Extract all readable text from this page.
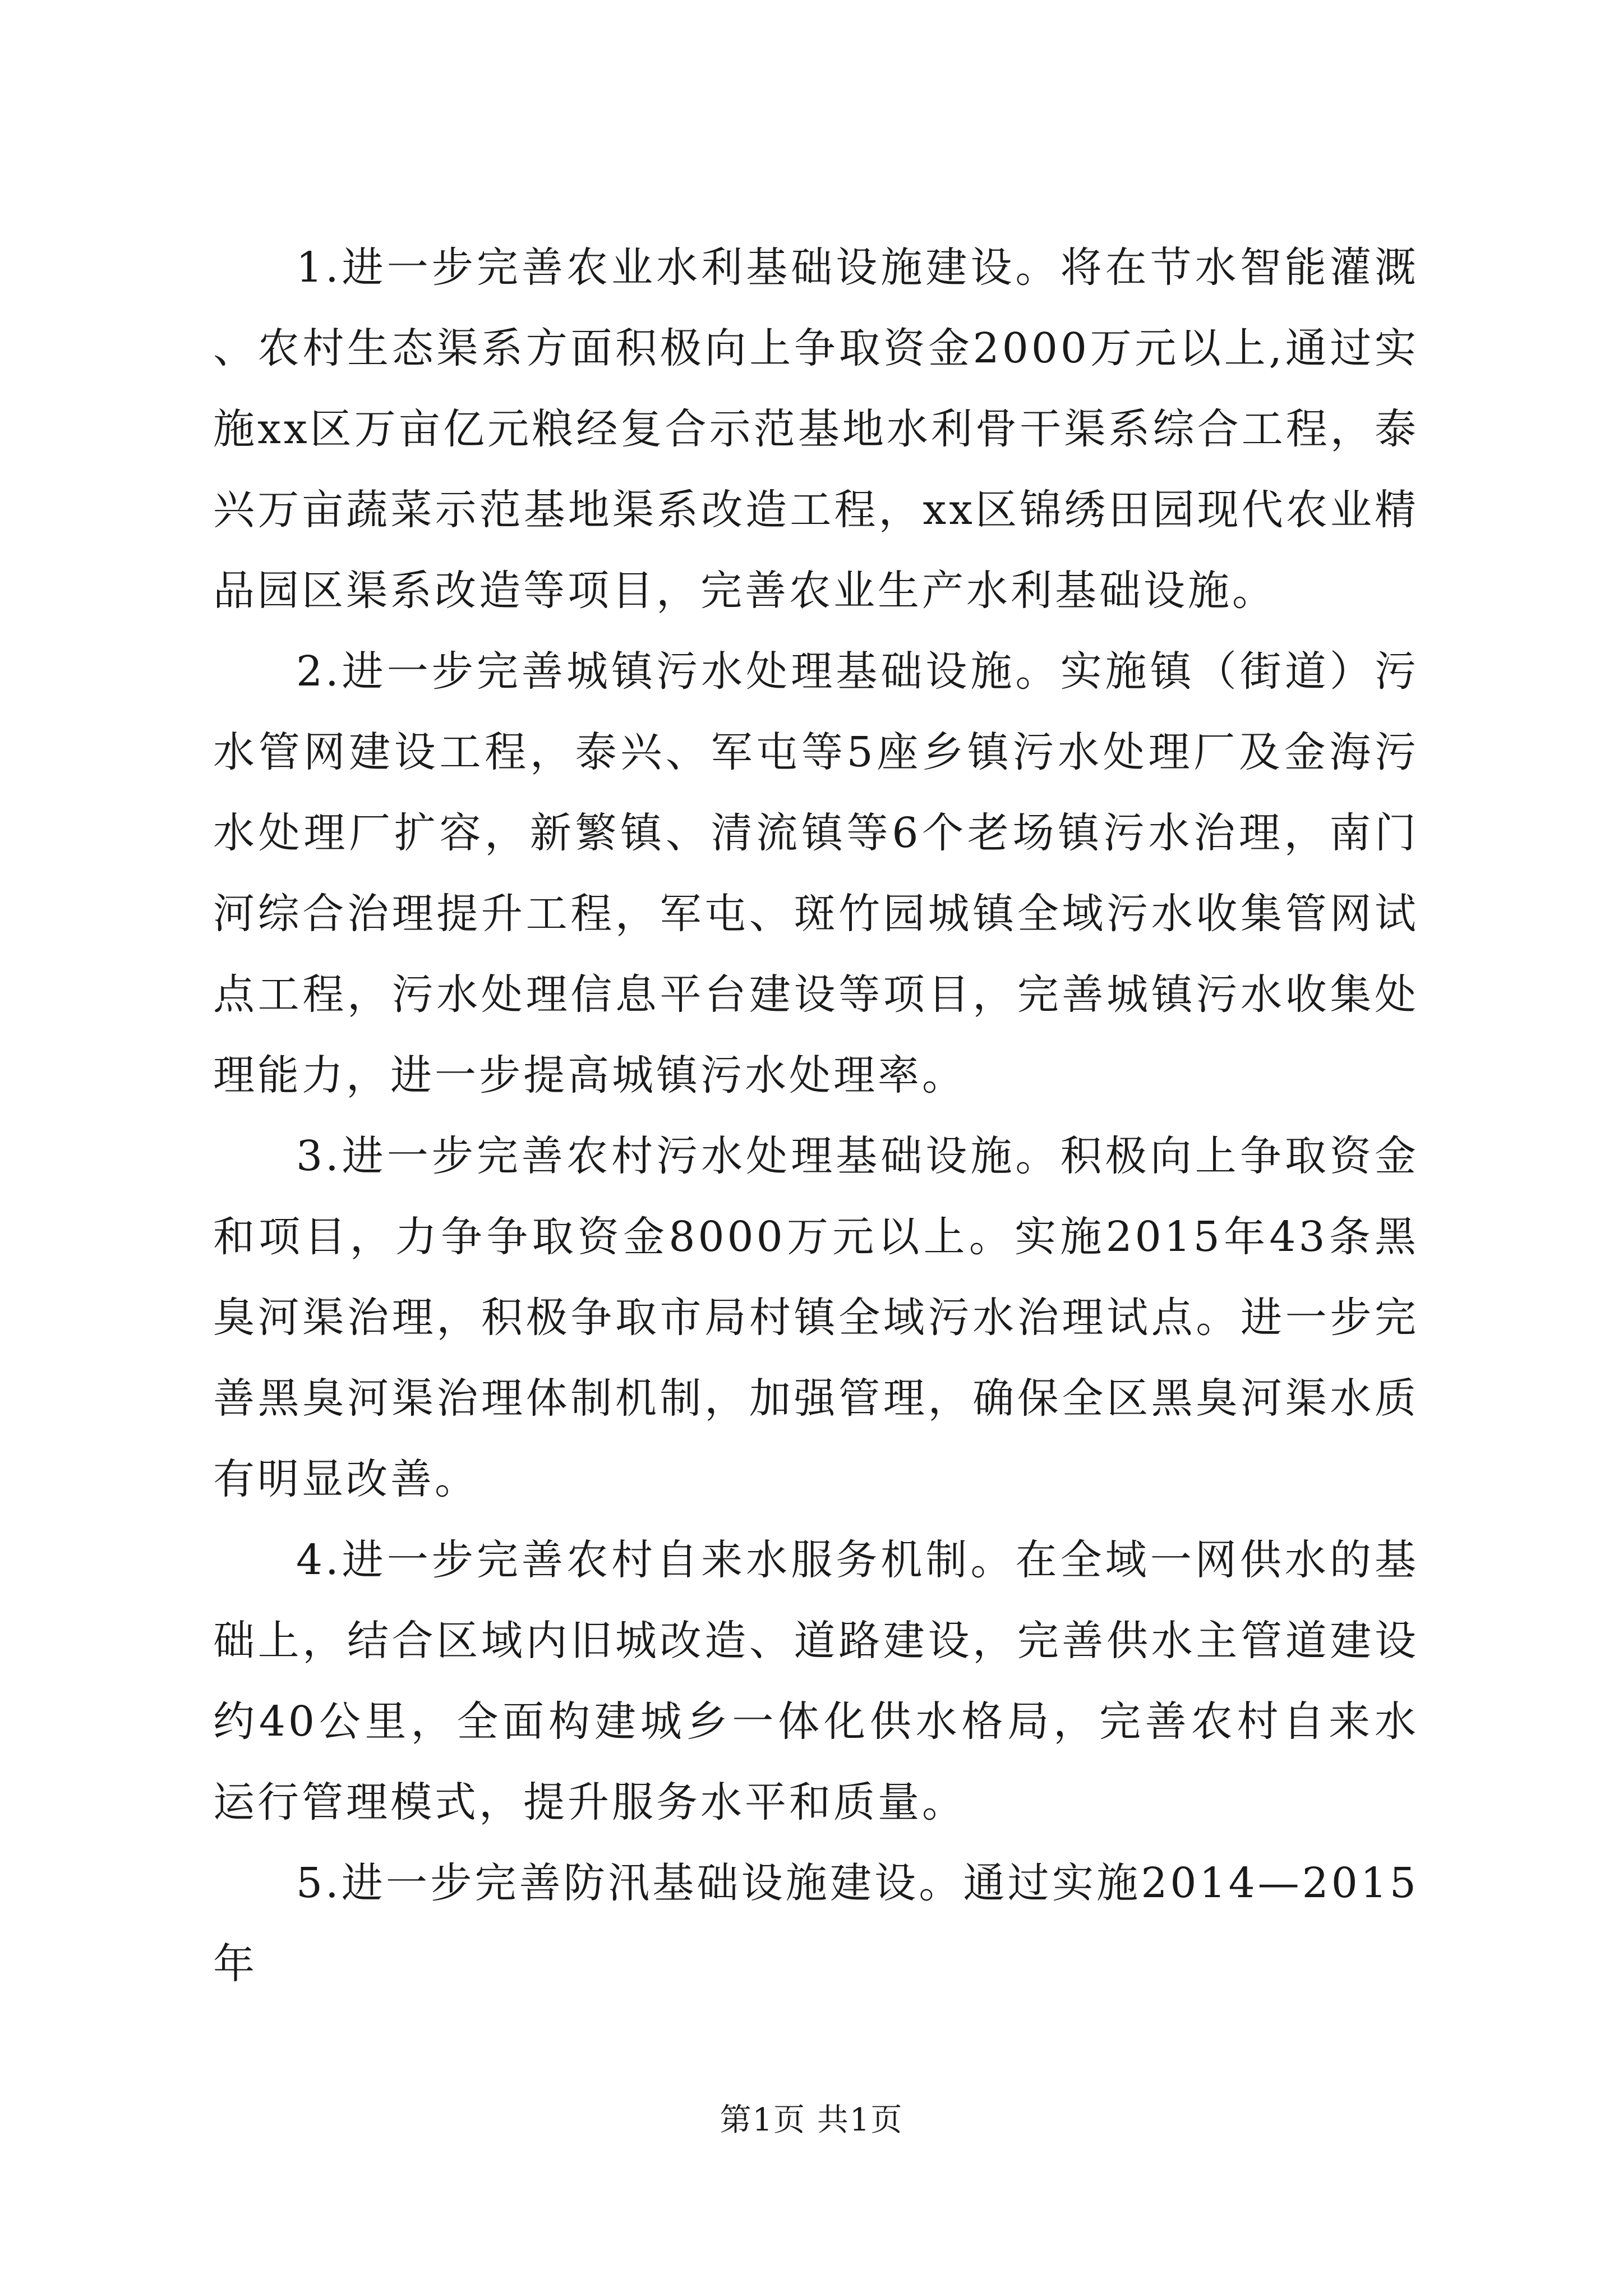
1.进一步完善农业水利基础设施建设。将在节水智能灌溉、农村生态渠系方面积极向上争取资金2000万元以上,通过实施xx区万亩亿元粮经复合示范基地水利骨干渠系综合工程，泰兴万亩蔬菜示范基地渠系改造工程，xx区锦绣田园现代农业精品园区渠系改造等项目，完善农业生产水利基础设施。

2.进一步完善城镇污水处理基础设施。实施镇（街道）污水管网建设工程，泰兴、军屯等5座乡镇污水处理厂及金海污水处理厂扩容，新繁镇、清流镇等6个老场镇污水治理，南门河综合治理提升工程，军屯、斑竹园城镇全域污水收集管网试点工程，污水处理信息平台建设等项目，完善城镇污水收集处理能力，进一步提高城镇污水处理率。

3.进一步完善农村污水处理基础设施。积极向上争取资金和项目，力争争取资金8000万元以上。实施2015年43条黑臭河渠治理，积极争取市局村镇全域污水治理试点。进一步完善黑臭河渠治理体制机制，加强管理，确保全区黑臭河渠水质有明显改善。

4.进一步完善农村自来水服务机制。在全域一网供水的基础上，结合区域内旧城改造、道路建设，完善供水主管道建设约40公里，全面构建城乡一体化供水格局，完善农村自来水运行管理模式，提升服务水平和质量。

5.进一步完善防汛基础设施建设。通过实施2014—2015年

第1页 共1页
